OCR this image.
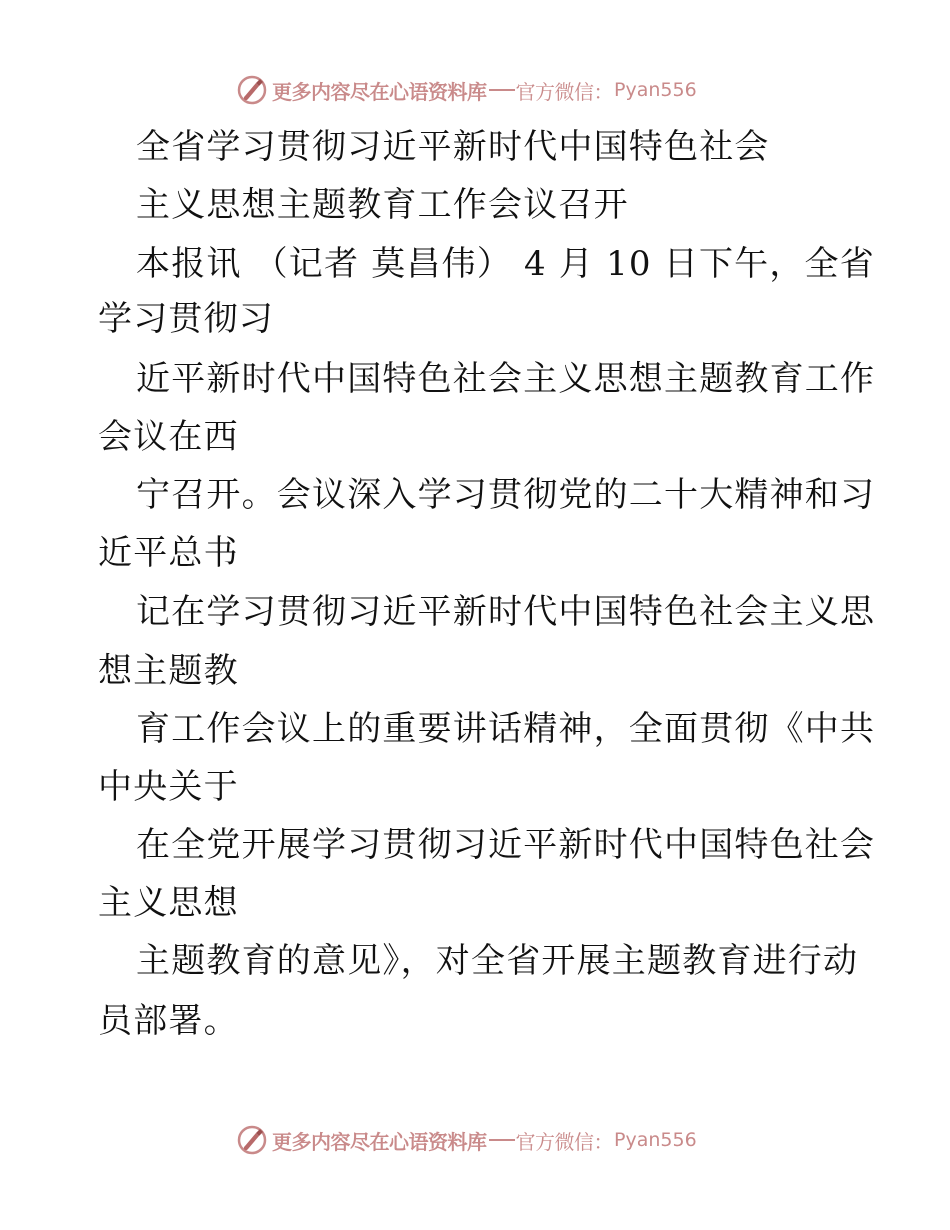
更多内容尽在心语资料库 官方微信： Pyan556
全省学习贯彻习近平新时代中国特色社会
主义思想主题教育工作会议召开
本报讯 （记者 莫昌伟） 4 月 10 日下午，全省
学习贯彻习
近平新时代中国特色社会主义思想主题教育工作
会议在西
宁召开。会议深入学习贯彻党的二十大精神和习
近平总书
记在学习贯彻习近平新时代中国特色社会主义思
想主题教
育工作会议上的重要讲话精神，全面贯彻《中共
中央关于
在全党开展学习贯彻习近平新时代中国特色社会
主义思想
主题教育的意见》，对全省开展主题教育进行动
员部署。
更多内容尽在心语资料库 官方微信： Pyan556
